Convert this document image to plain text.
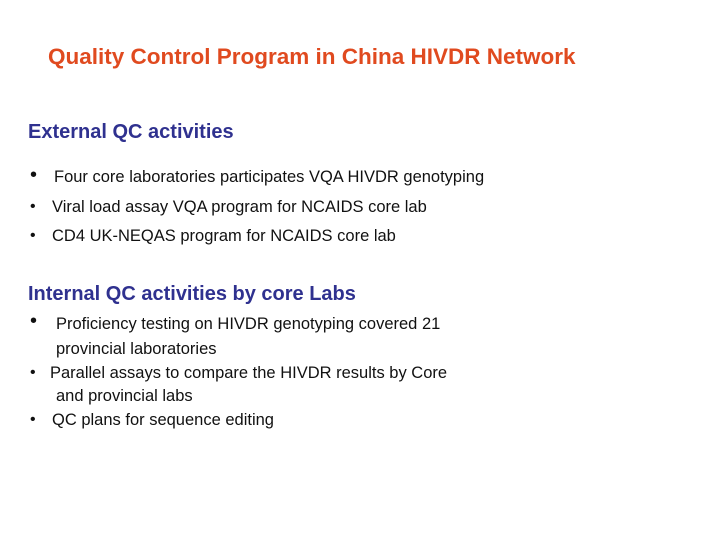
Quality Control Program in China HIVDR Network
External QC activities
• Four core laboratories participates VQA HIVDR genotyping
• Viral load assay VQA program for NCAIDS core lab
• CD4 UK-NEQAS program for NCAIDS core lab
Internal QC activities by core Labs
• Proficiency testing on HIVDR genotyping covered 21
provincial laboratories
• Parallel assays to compare the HIVDR results by Core
and provincial labs
• QC plans for sequence editing
